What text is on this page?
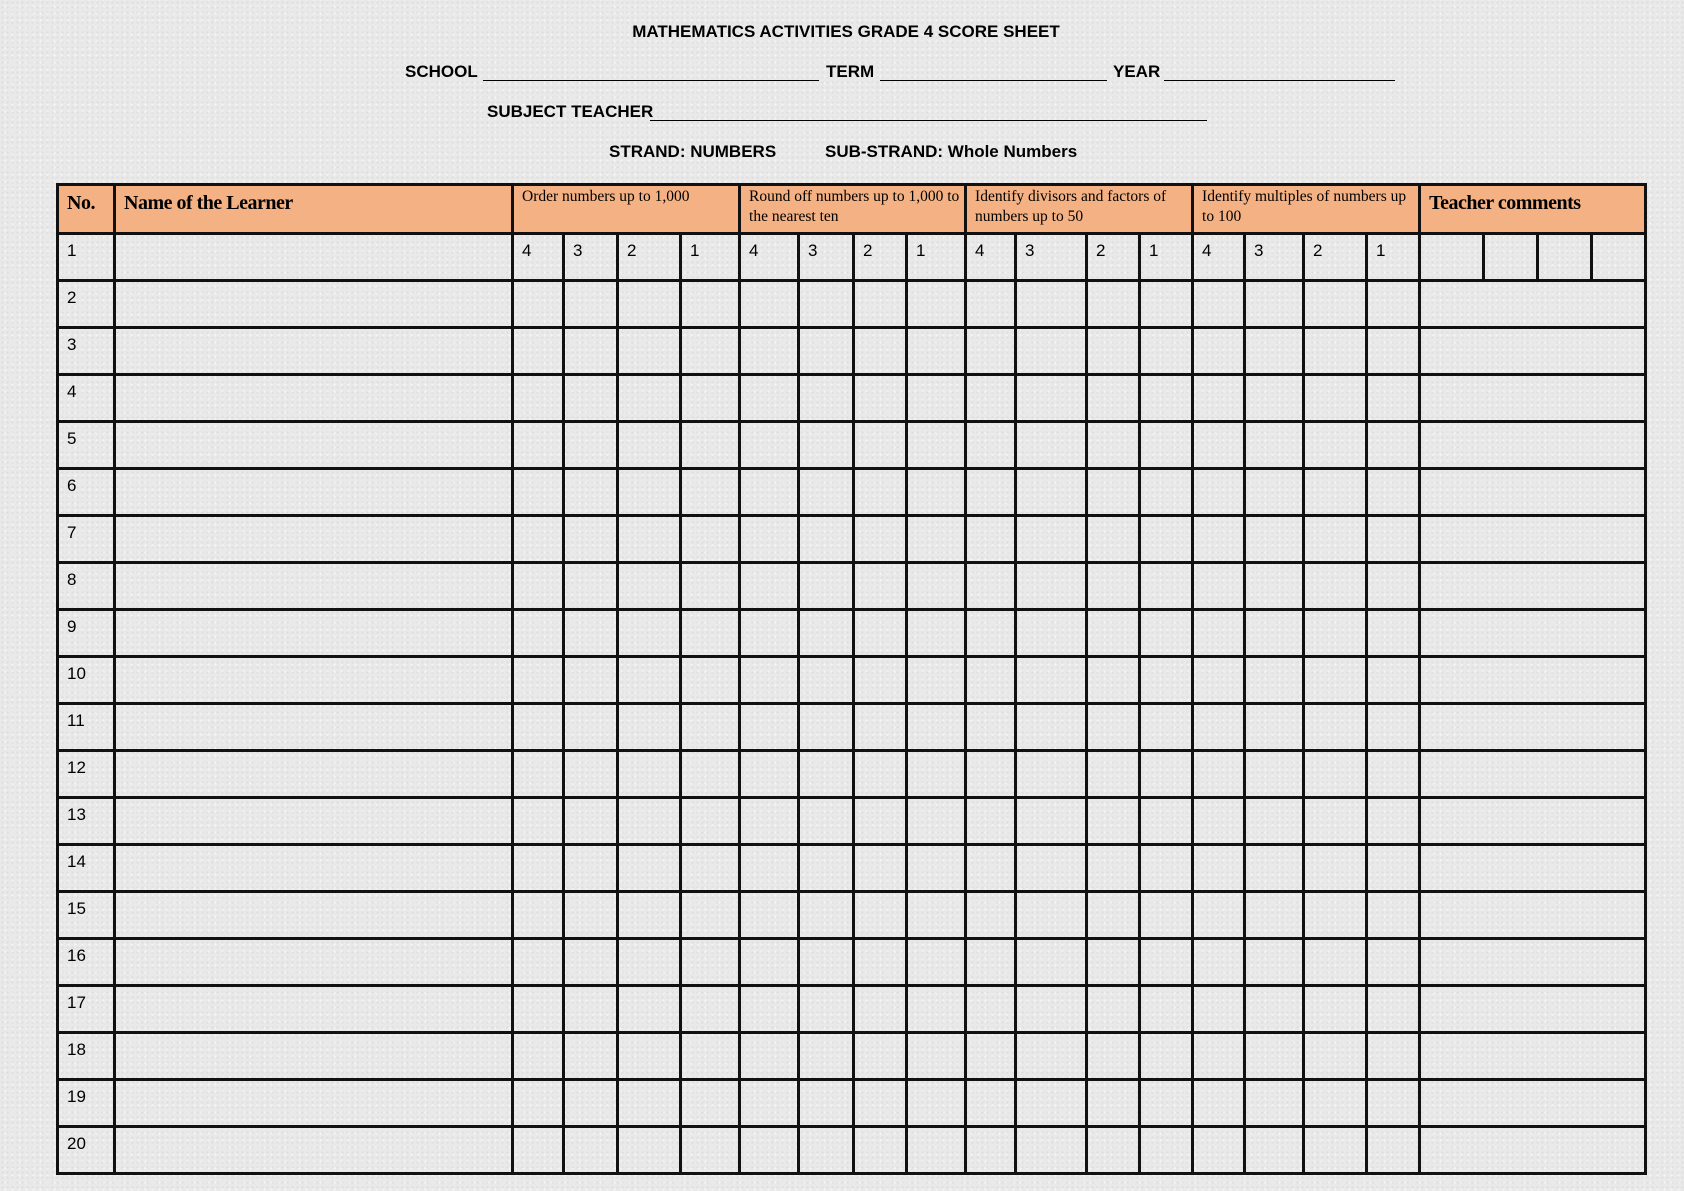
MATHEMATICS ACTIVITIES GRADE 4 SCORE SHEET
SCHOOL	TERM	YEAR
SUBJECT TEACHER
STRAND: NUMBERS	SUB-STRAND: Whole Numbers
No.	Name of the Learner	Order numbers up to 1,000				Round off numbers up to 1,000 to the nearest ten				Identify divisors and factors of numbers up to 50				Identify multiples of numbers up to 100				Teacher comments			
1		4	3	2	1	4	3	2	1	4	3	2	1	4	3	2	1				
2																					
3																					
4																					
5																					
6																					
7																					
8																					
9																					
10																					
11																					
12																					
13																					
14																					
15																					
16																					
17																					
18																					
19																					
20																					
